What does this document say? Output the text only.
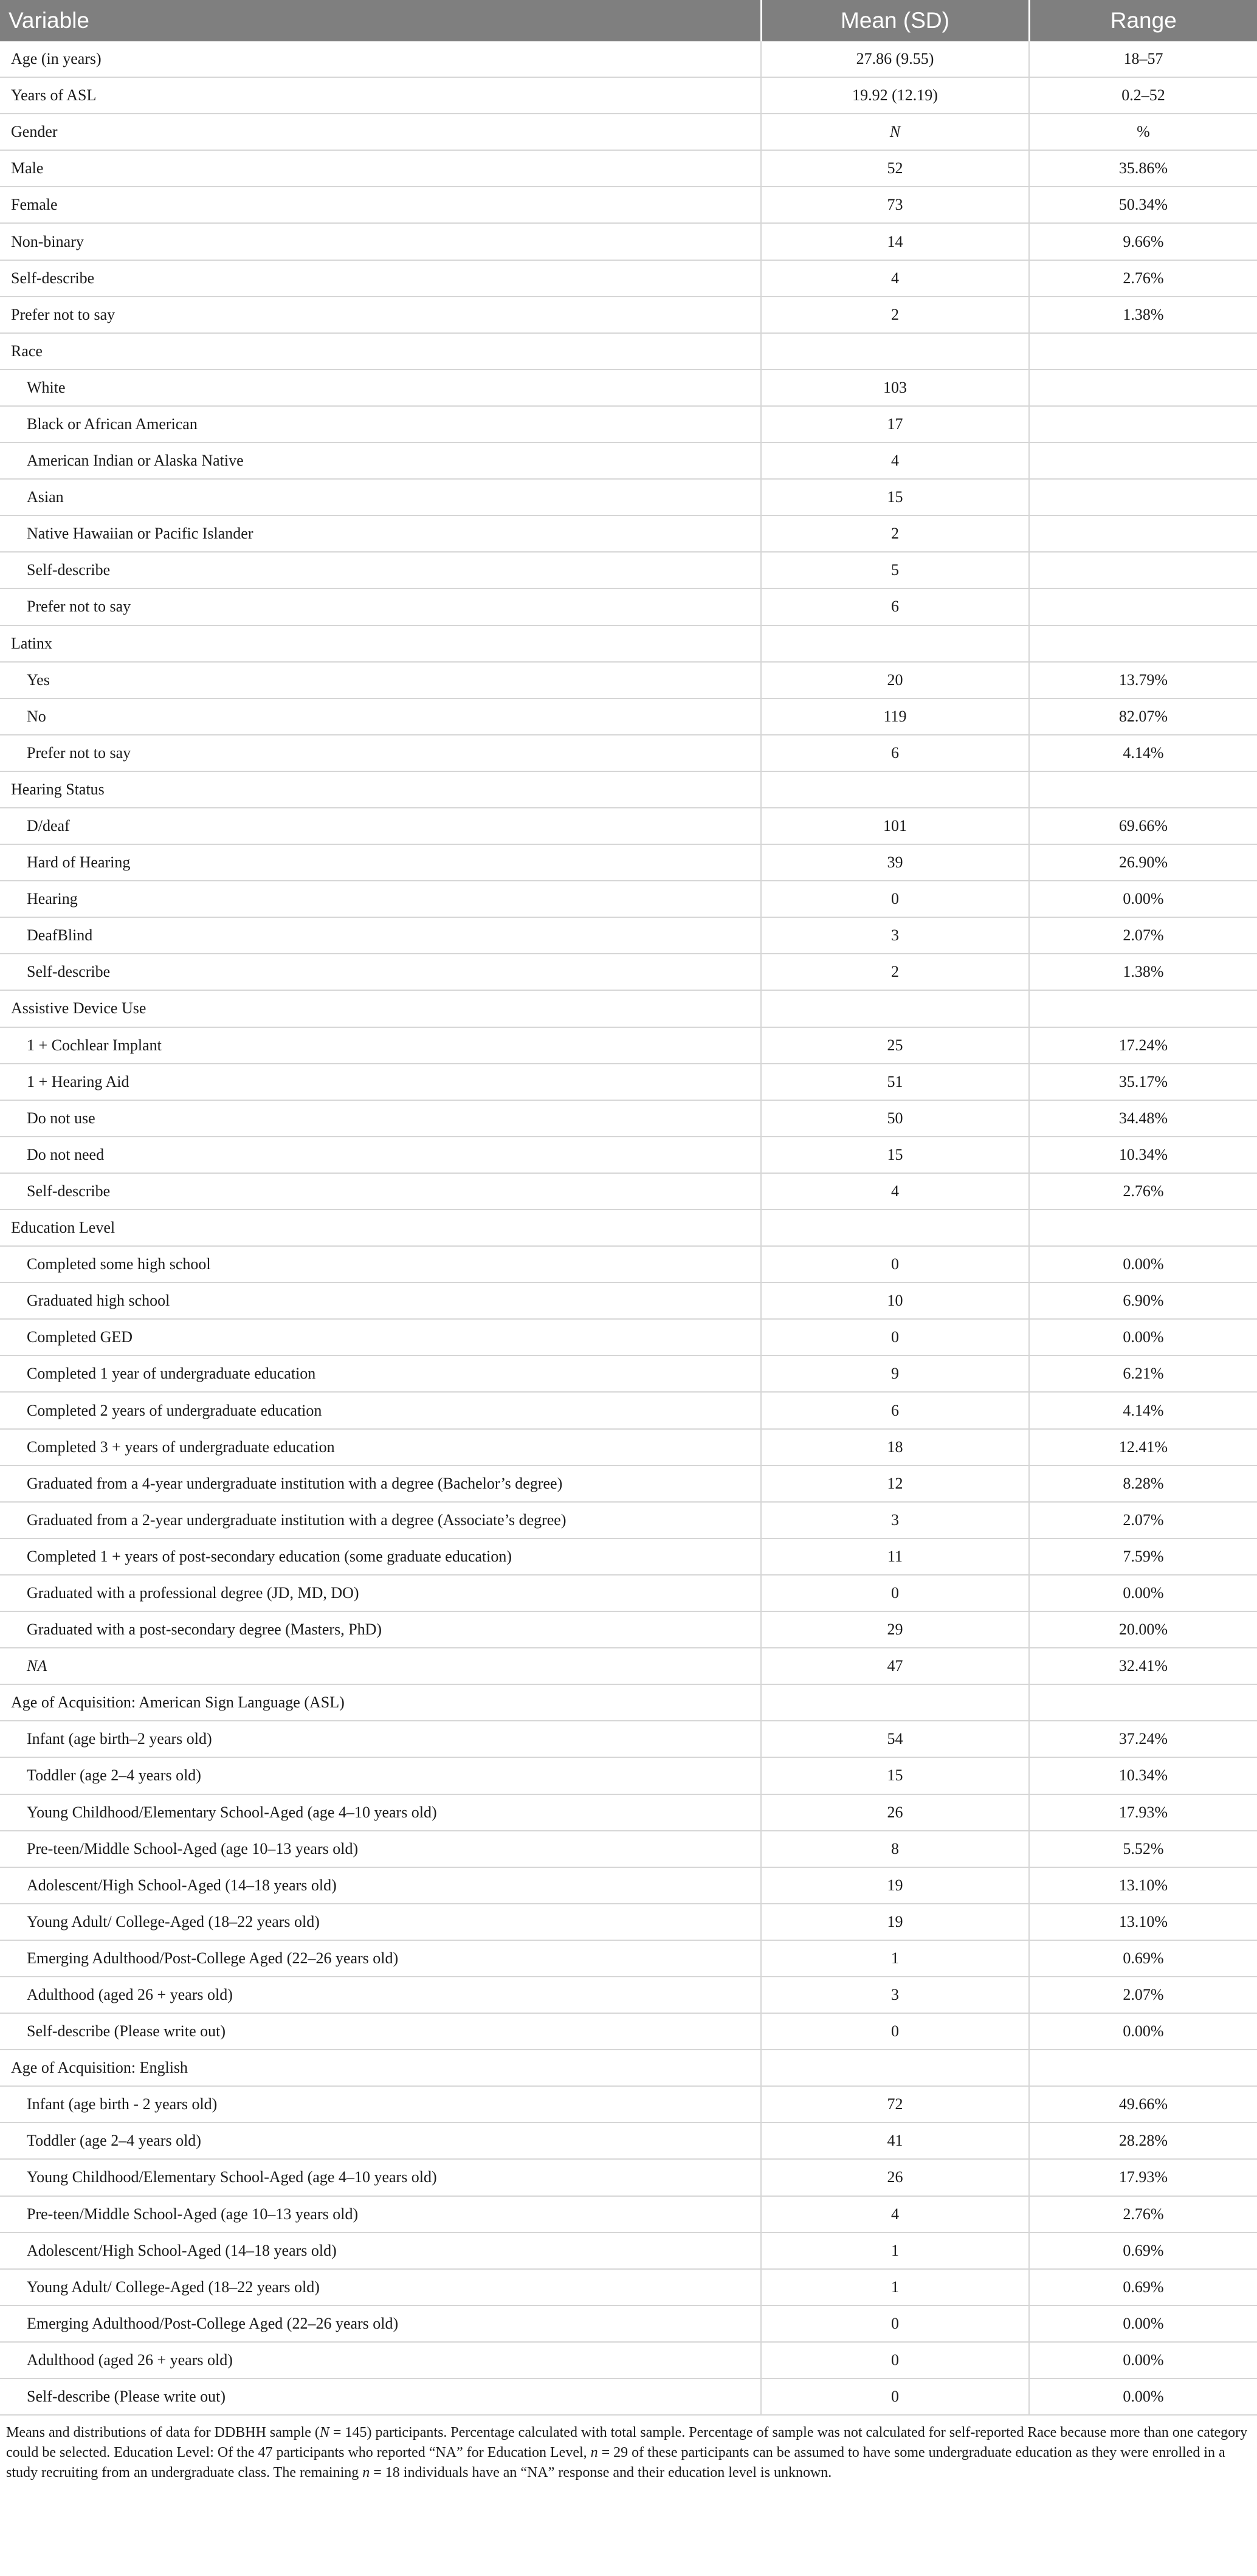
Variable	Mean (SD)	Range
Age (in years)	27.86 (9.55)	18–57
Years of ASL	19.92 (12.19)	0.2–52
Gender	N	%
Male	52	35.86%
Female	73	50.34%
Non-binary	14	9.66%
Self-describe	4	2.76%
Prefer not to say	2	1.38%
Race		
White	103	
Black or African American	17	
American Indian or Alaska Native	4	
Asian	15	
Native Hawaiian or Pacific Islander	2	
Self-describe	5	
Prefer not to say	6	
Latinx		
Yes	20	13.79%
No	119	82.07%
Prefer not to say	6	4.14%
Hearing Status		
D/deaf	101	69.66%
Hard of Hearing	39	26.90%
Hearing	0	0.00%
DeafBlind	3	2.07%
Self-describe	2	1.38%
Assistive Device Use		
1 + Cochlear Implant	25	17.24%
1 + Hearing Aid	51	35.17%
Do not use	50	34.48%
Do not need	15	10.34%
Self-describe	4	2.76%
Education Level		
Completed some high school	0	0.00%
Graduated high school	10	6.90%
Completed GED	0	0.00%
Completed 1 year of undergraduate education	9	6.21%
Completed 2 years of undergraduate education	6	4.14%
Completed 3 + years of undergraduate education	18	12.41%
Graduated from a 4-year undergraduate institution with a degree (Bachelor’s degree)	12	8.28%
Graduated from a 2-year undergraduate institution with a degree (Associate’s degree)	3	2.07%
Completed 1 + years of post-secondary education (some graduate education)	11	7.59%
Graduated with a professional degree (JD, MD, DO)	0	0.00%
Graduated with a post-secondary degree (Masters, PhD)	29	20.00%
NA	47	32.41%
Age of Acquisition: American Sign Language (ASL)		
Infant (age birth–2 years old)	54	37.24%
Toddler (age 2–4 years old)	15	10.34%
Young Childhood/Elementary School-Aged (age 4–10 years old)	26	17.93%
Pre-teen/Middle School-Aged (age 10–13 years old)	8	5.52%
Adolescent/High School-Aged (14–18 years old)	19	13.10%
Young Adult/ College-Aged (18–22 years old)	19	13.10%
Emerging Adulthood/Post-College Aged (22–26 years old)	1	0.69%
Adulthood (aged 26 + years old)	3	2.07%
Self-describe (Please write out)	0	0.00%
Age of Acquisition: English		
Infant (age birth - 2 years old)	72	49.66%
Toddler (age 2–4 years old)	41	28.28%
Young Childhood/Elementary School-Aged (age 4–10 years old)	26	17.93%
Pre-teen/Middle School-Aged (age 10–13 years old)	4	2.76%
Adolescent/High School-Aged (14–18 years old)	1	0.69%
Young Adult/ College-Aged (18–22 years old)	1	0.69%
Emerging Adulthood/Post-College Aged (22–26 years old)	0	0.00%
Adulthood (aged 26 + years old)	0	0.00%
Self-describe (Please write out)	0	0.00%
Means and distributions of data for DDBHH sample (N = 145) participants. Percentage calculated with total sample. Percentage of sample was not calculated for self-reported Race because more than one category could be selected. Education Level: Of the 47 participants who reported “NA” for Education Level, n = 29 of these participants can be assumed to have some undergraduate education as they were enrolled in a study recruiting from an undergraduate class. The remaining n = 18 individuals have an “NA” response and their education level is unknown.
